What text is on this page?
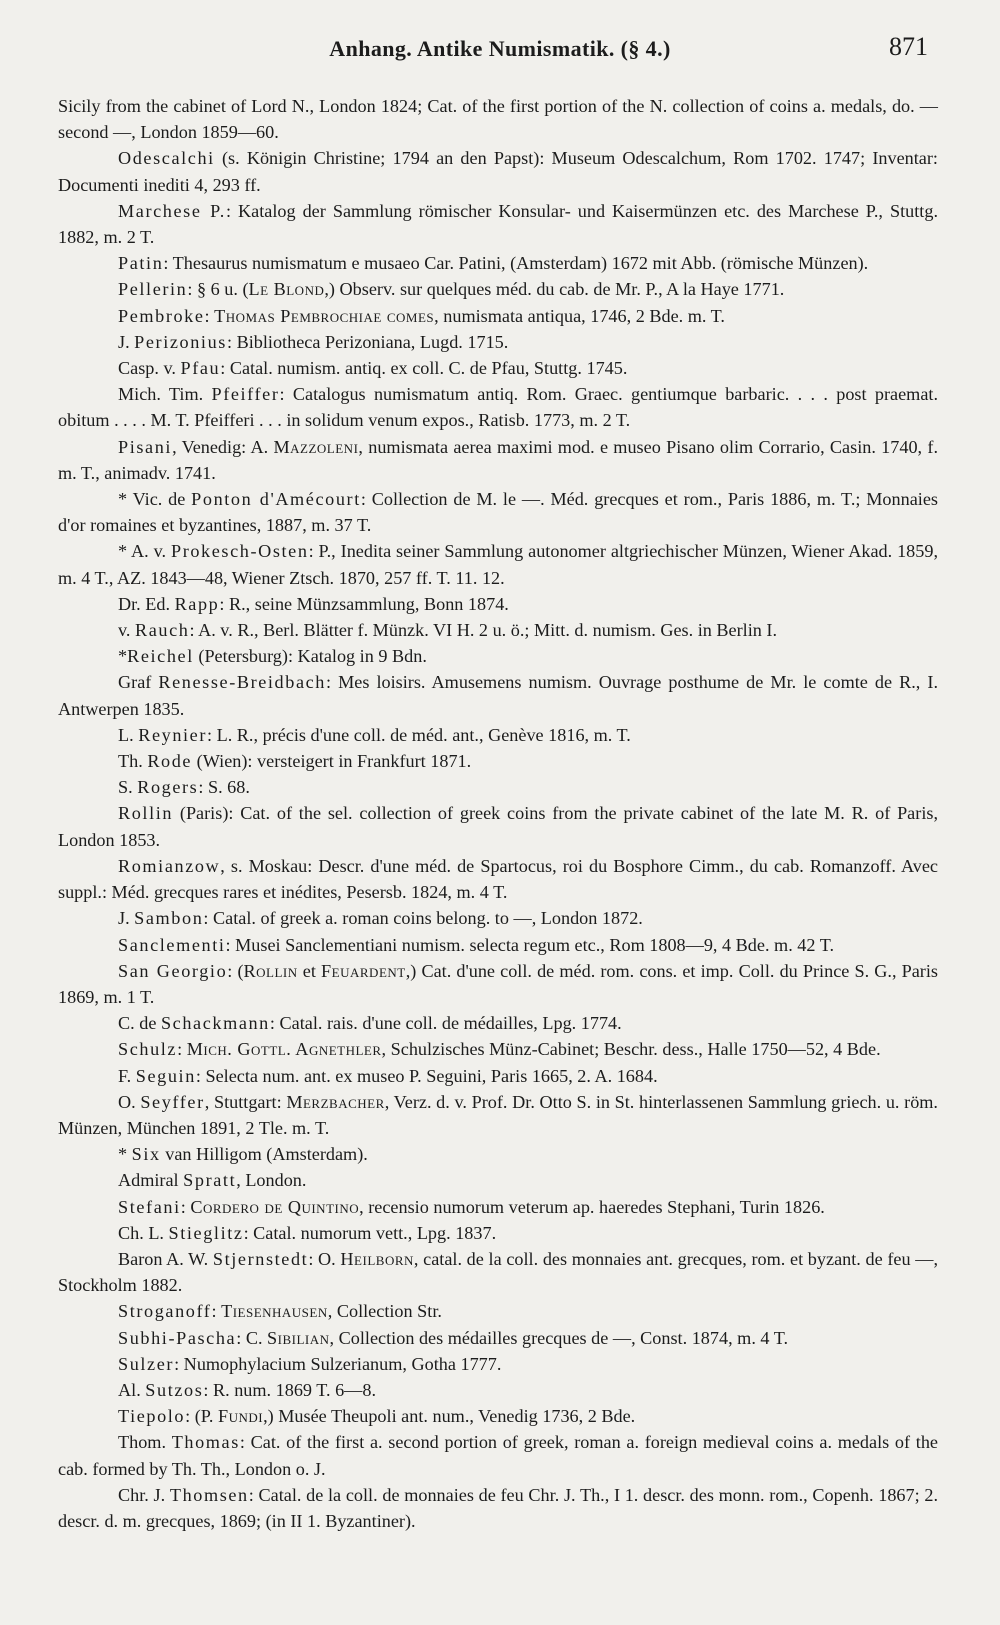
Anhang. Antike Numismatik. (§ 4.)	871

Sicily from the cabinet of Lord N., London 1824; Cat. of the first portion of the N. collection of coins a. medals, do. — second —, London 1859—60.

Odescalchi (s. Königin Christine; 1794 an den Papst): Museum Odescalchum, Rom 1702. 1747; Inventar: Documenti inediti 4, 293 ff.

Marchese P.: Katalog der Sammlung römischer Konsular- und Kaisermünzen etc. des Marchese P., Stuttg. 1882, m. 2 T.

Patin: Thesaurus numismatum e musaeo Car. Patini, (Amsterdam) 1672 mit Abb. (römische Münzen).

Pellerin: § 6 u. (Le Blond,) Observ. sur quelques méd. du cab. de Mr. P., A la Haye 1771.

Pembroke: Thomas Pembrochiae comes, numismata antiqua, 1746, 2 Bde. m. T.

J. Perizonius: Bibliotheca Perizoniana, Lugd. 1715.

Casp. v. Pfau: Catal. numism. antiq. ex coll. C. de Pfau, Stuttg. 1745.

Mich. Tim. Pfeiffer: Catalogus numismatum antiq. Rom. Graec. gentiumque barbaric. . . . post praemat. obitum . . . . M. T. Pfeifferi . . . in solidum venum expos., Ratisb. 1773, m. 2 T.

Pisani, Venedig: A. Mazzoleni, numismata aerea maximi mod. e museo Pisano olim Corrario, Casin. 1740, f. m. T., animadv. 1741.

* Vic. de Ponton d'Amécourt: Collection de M. le —. Méd. grecques et rom., Paris 1886, m. T.; Monnaies d'or romaines et byzantines, 1887, m. 37 T.

* A. v. Prokesch-Osten: P., Inedita seiner Sammlung autonomer altgriechischer Münzen, Wiener Akad. 1859, m. 4 T., AZ. 1843—48, Wiener Ztsch. 1870, 257 ff. T. 11. 12.

Dr. Ed. Rapp: R., seine Münzsammlung, Bonn 1874.

v. Rauch: A. v. R., Berl. Blätter f. Münzk. VI H. 2 u. ö.; Mitt. d. numism. Ges. in Berlin I.

*Reichel (Petersburg): Katalog in 9 Bdn.

Graf Renesse-Breidbach: Mes loisirs. Amusemens numism. Ouvrage posthume de Mr. le comte de R., I. Antwerpen 1835.

L. Reynier: L. R., précis d'une coll. de méd. ant., Genève 1816, m. T.

Th. Rode (Wien): versteigert in Frankfurt 1871.

S. Rogers: S. 68.

Rollin (Paris): Cat. of the sel. collection of greek coins from the private cabinet of the late M. R. of Paris, London 1853.

Romianzow, s. Moskau: Descr. d'une méd. de Spartocus, roi du Bosphore Cimm., du cab. Romanzoff. Avec suppl.: Méd. grecques rares et inédites, Pesersb. 1824, m. 4 T.

J. Sambon: Catal. of greek a. roman coins belong. to —, London 1872.

Sanclementi: Musei Sanclementiani numism. selecta regum etc., Rom 1808—9, 4 Bde. m. 42 T.

San Georgio: (Rollin et Feuardent,) Cat. d'une coll. de méd. rom. cons. et imp. Coll. du Prince S. G., Paris 1869, m. 1 T.

C. de Schackmann: Catal. rais. d'une coll. de médailles, Lpg. 1774.

Schulz: Mich. Gottl. Agnethler, Schulzisches Münz-Cabinet; Beschr. dess., Halle 1750—52, 4 Bde.

F. Seguin: Selecta num. ant. ex museo P. Seguini, Paris 1665, 2. A. 1684.

O. Seyffer, Stuttgart: Merzbacher, Verz. d. v. Prof. Dr. Otto S. in St. hinterlassenen Sammlung griech. u. röm. Münzen, München 1891, 2 Tle. m. T.

* Six van Hilligom (Amsterdam).

Admiral Spratt, London.

Stefani: Cordero de Quintino, recensio numorum veterum ap. haeredes Stephani, Turin 1826.

Ch. L. Stieglitz: Catal. numorum vett., Lpg. 1837.

Baron A. W. Stjernstedt: O. Heilborn, catal. de la coll. des monnaies ant. grecques, rom. et byzant. de feu —, Stockholm 1882.

Stroganoff: Tiesenhausen, Collection Str.

Subhi-Pascha: C. Sibilian, Collection des médailles grecques de —, Const. 1874, m. 4 T.

Sulzer: Numophylacium Sulzerianum, Gotha 1777.

Al. Sutzos: R. num. 1869 T. 6—8.

Tiepolo: (P. Fundi,) Musée Theupoli ant. num., Venedig 1736, 2 Bde.

Thom. Thomas: Cat. of the first a. second portion of greek, roman a. foreign medieval coins a. medals of the cab. formed by Th. Th., London o. J.

Chr. J. Thomsen: Catal. de la coll. de monnaies de feu Chr. J. Th., I 1. descr. des monn. rom., Copenh. 1867; 2. descr. d. m. grecques, 1869; (in II 1. Byzantiner).
